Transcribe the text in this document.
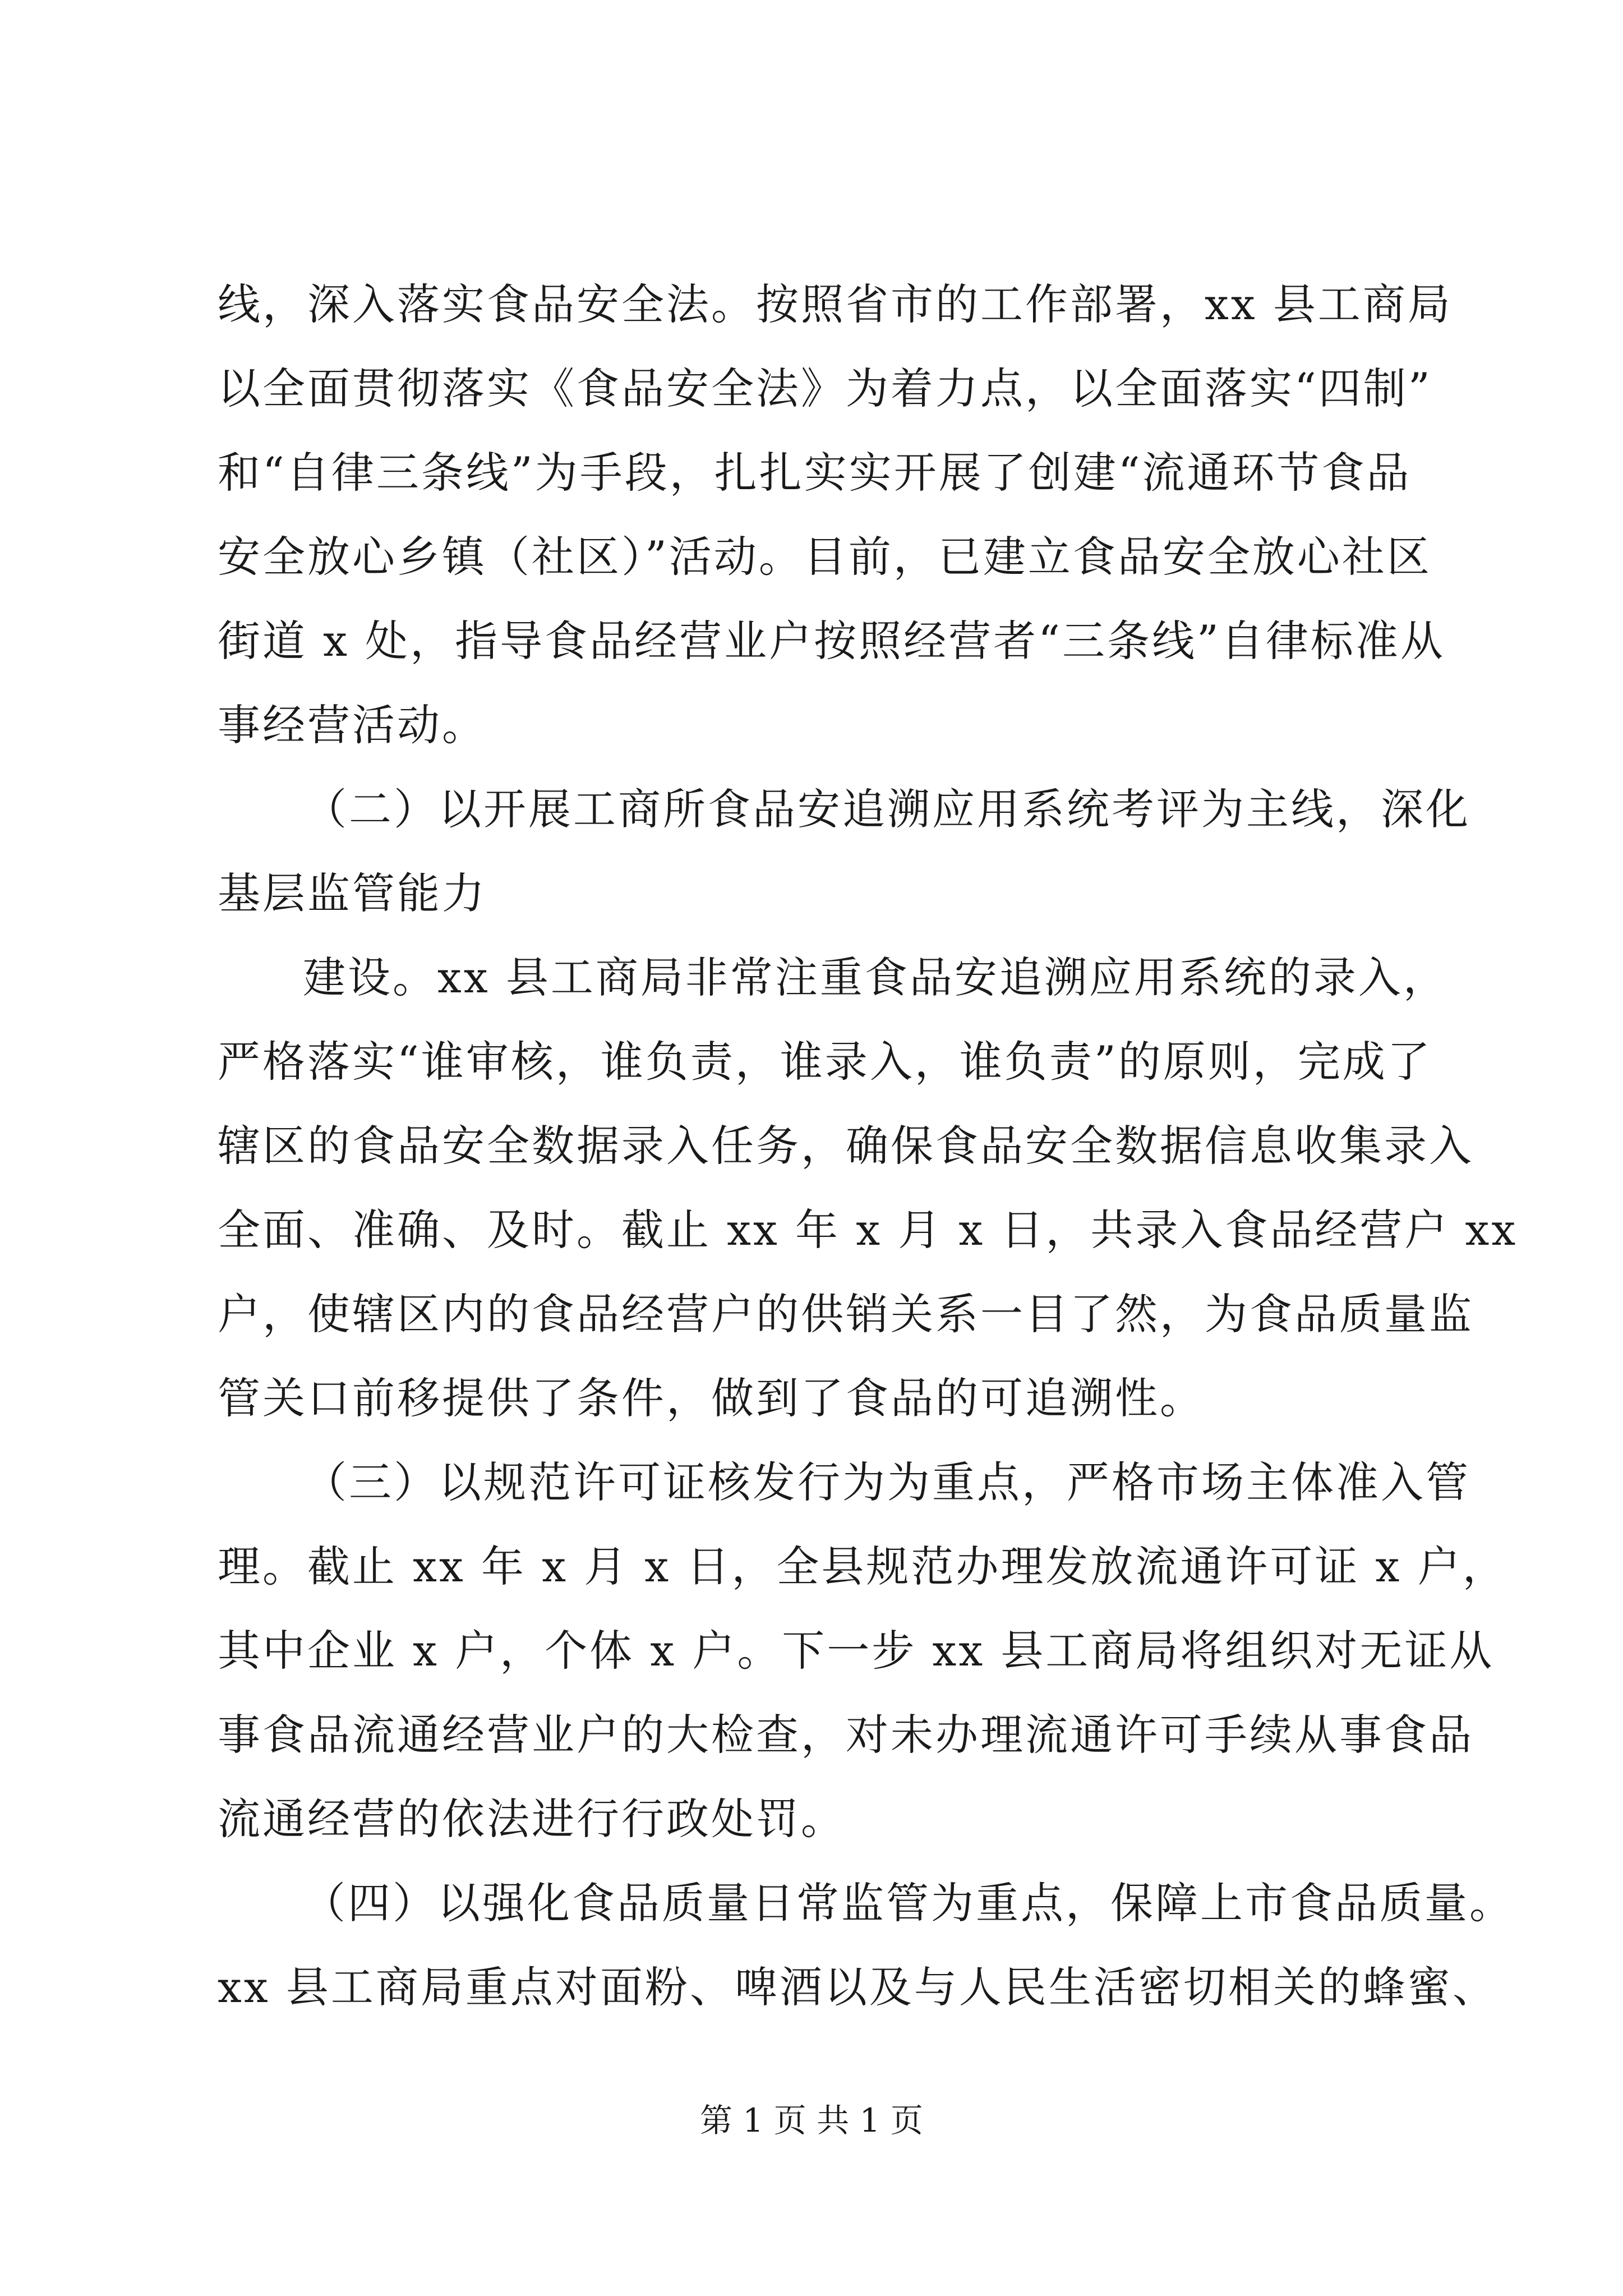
线，深入落实食品安全法。按照省市的工作部署，xx 县工商局
以全面贯彻落实《食品安全法》为着力点，以全面落实“四制”
和“自律三条线”为手段，扎扎实实开展了创建“流通环节食品
安全放心乡镇（社区）”活动。目前，已建立食品安全放心社区
街道 x 处，指导食品经营业户按照经营者“三条线”自律标准从
事经营活动。
（二）以开展工商所食品安追溯应用系统考评为主线，深化
基层监管能力
建设。xx 县工商局非常注重食品安追溯应用系统的录入，
严格落实“谁审核，谁负责，谁录入，谁负责”的原则，完成了
辖区的食品安全数据录入任务，确保食品安全数据信息收集录入
全面、准确、及时。截止 xx 年 x 月 x 日，共录入食品经营户 xx
户，使辖区内的食品经营户的供销关系一目了然，为食品质量监
管关口前移提供了条件，做到了食品的可追溯性。
（三）以规范许可证核发行为为重点，严格市场主体准入管
理。截止 xx 年 x 月 x 日，全县规范办理发放流通许可证 x 户，
其中企业 x 户，个体 x 户。下一步 xx 县工商局将组织对无证从
事食品流通经营业户的大检查，对未办理流通许可手续从事食品
流通经营的依法进行行政处罚。
（四）以强化食品质量日常监管为重点，保障上市食品质量。
xx 县工商局重点对面粉、啤酒以及与人民生活密切相关的蜂蜜、
第 1 页 共 1 页
